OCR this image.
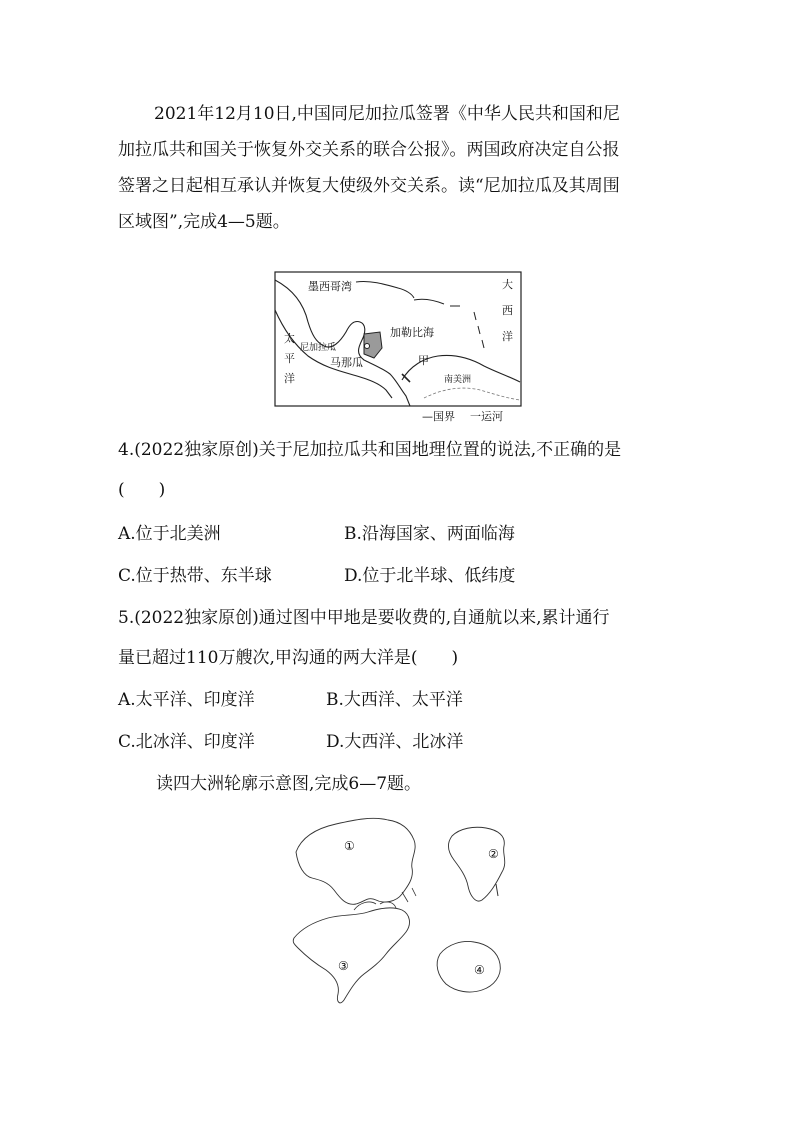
2021年12月10日,中国同尼加拉瓜签署《中华人民共和国和尼
加拉瓜共和国关于恢复外交关系的联合公报》。两国政府决定自公报
签署之日起相互承认并恢复大使级外交关系。读“尼加拉瓜及其周围
区域图”,完成4—5题。
墨西哥湾	大
西
洋
太
平
洋
加勒比海
尼加拉瓜
马那瓜	甲
南美洲
—国界 一运河
4.(2022独家原创)关于尼加拉瓜共和国地理位置的说法,不正确的是
(　　)
A.位于北美洲	B.沿海国家、两面临海
C.位于热带、东半球	D.位于北半球、低纬度
5.(2022独家原创)通过图中甲地是要收费的,自通航以来,累计通行
量已超过110万艘次,甲沟通的两大洋是(　　)
A.太平洋、印度洋	B.大西洋、太平洋
C.北冰洋、印度洋	D.大西洋、北冰洋
读四大洲轮廓示意图,完成6—7题。
①
②
③	④
